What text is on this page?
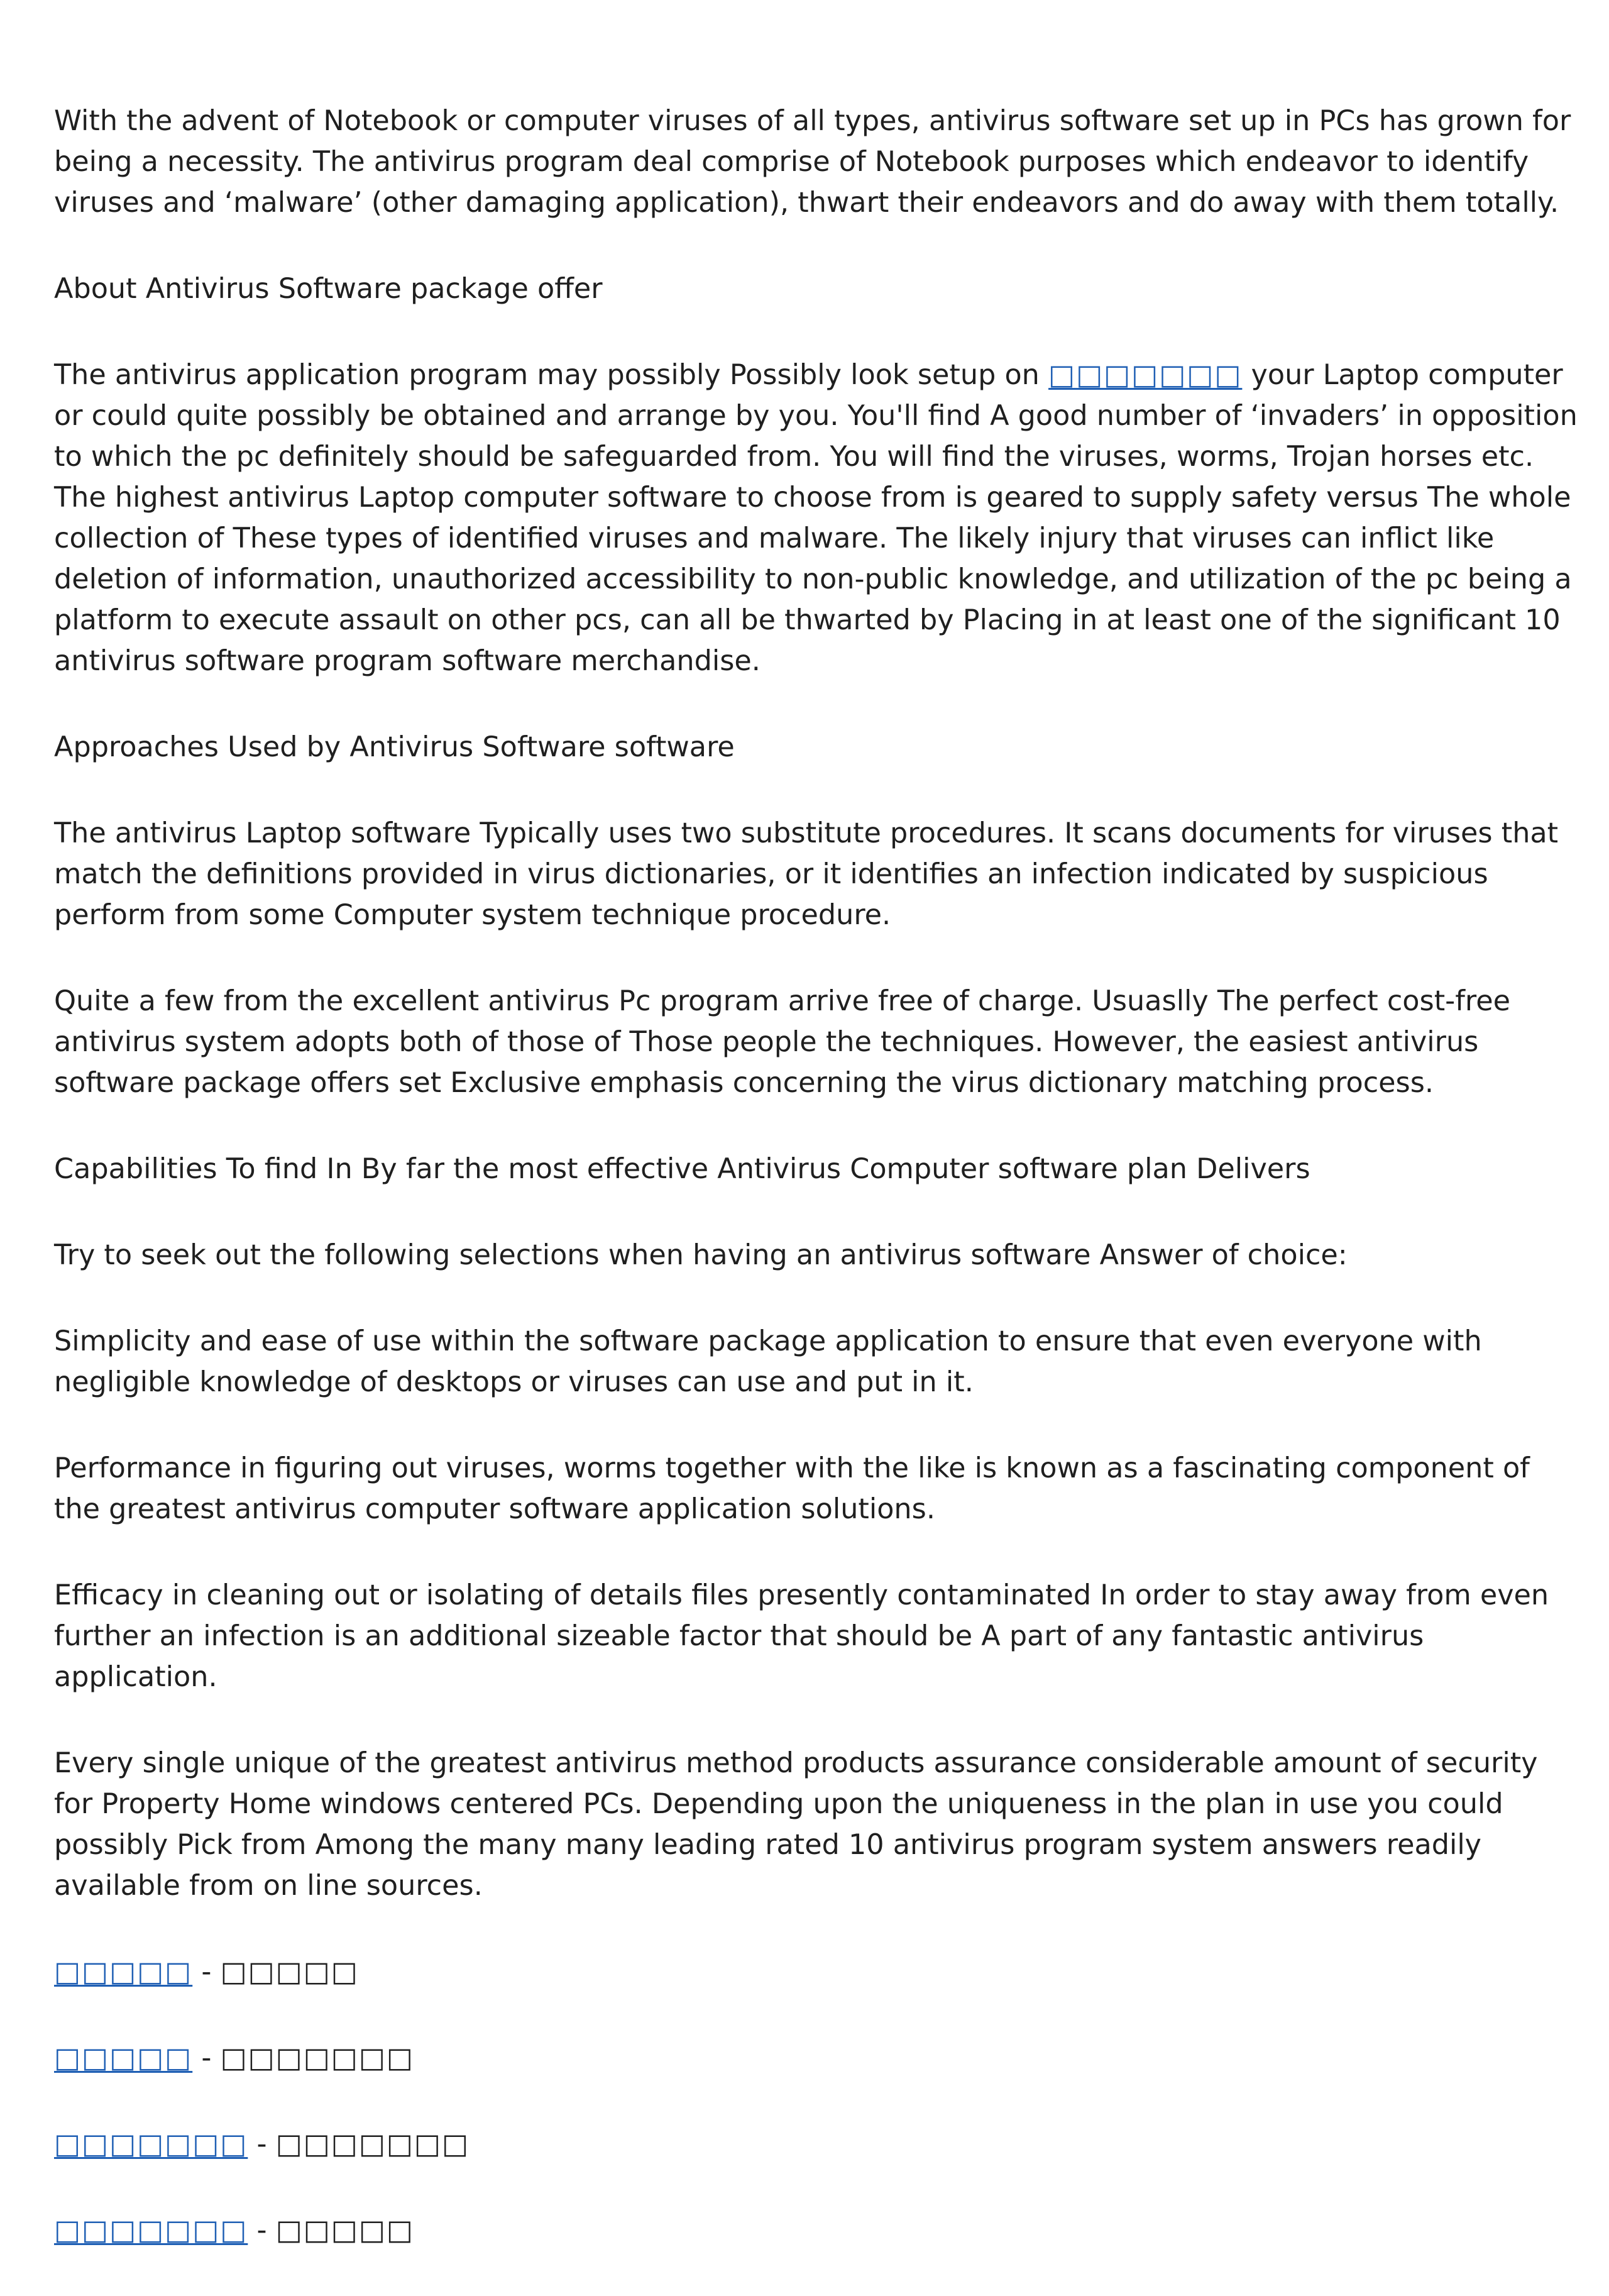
With the advent of Notebook or computer viruses of all types, antivirus software set up in PCs has grown for being a necessity. The antivirus program deal comprise of Notebook purposes which endeavor to identify viruses and ‘malware’ (other damaging application), thwart their endeavors and do away with them totally.

About Antivirus Software package offer

The antivirus application program may possibly Possibly look setup on □□□□□□□ your Laptop computer or could quite possibly be obtained and arrange by you. You'll find A good number of ‘invaders’ in opposition to which the pc definitely should be safeguarded from. You will find the viruses, worms, Trojan horses etc. The highest antivirus Laptop computer software to choose from is geared to supply safety versus The whole collection of These types of identified viruses and malware. The likely injury that viruses can inflict like deletion of information, unauthorized accessibility to non-public knowledge, and utilization of the pc being a platform to execute assault on other pcs, can all be thwarted by Placing in at least one of the significant 10 antivirus software program software merchandise.

Approaches Used by Antivirus Software software

The antivirus Laptop software Typically uses two substitute procedures. It scans documents for viruses that match the definitions provided in virus dictionaries, or it identifies an infection indicated by suspicious perform from some Computer system technique procedure.

Quite a few from the excellent antivirus Pc program arrive free of charge. Usuaslly The perfect cost-free antivirus system adopts both of those of Those people the techniques. However, the easiest antivirus software package offers set Exclusive emphasis concerning the virus dictionary matching process.

Capabilities To find In By far the most effective Antivirus Computer software plan Delivers

Try to seek out the following selections when having an antivirus software Answer of choice:

Simplicity and ease of use within the software package application to ensure that even everyone with negligible knowledge of desktops or viruses can use and put in it.

Performance in figuring out viruses, worms together with the like is known as a fascinating component of the greatest antivirus computer software application solutions.

Efficacy in cleaning out or isolating of details files presently contaminated In order to stay away from even further an infection is an additional sizeable factor that should be A part of any fantastic antivirus application.

Every single unique of the greatest antivirus method products assurance considerable amount of security for Property Home windows centered PCs. Depending upon the uniqueness in the plan in use you could possibly Pick from Among the many many leading rated 10 antivirus program system answers readily available from on line sources.

□□□□□ - □□□□□
□□□□□ - □□□□□□□
□□□□□□□ - □□□□□□□
□□□□□□□ - □□□□□
